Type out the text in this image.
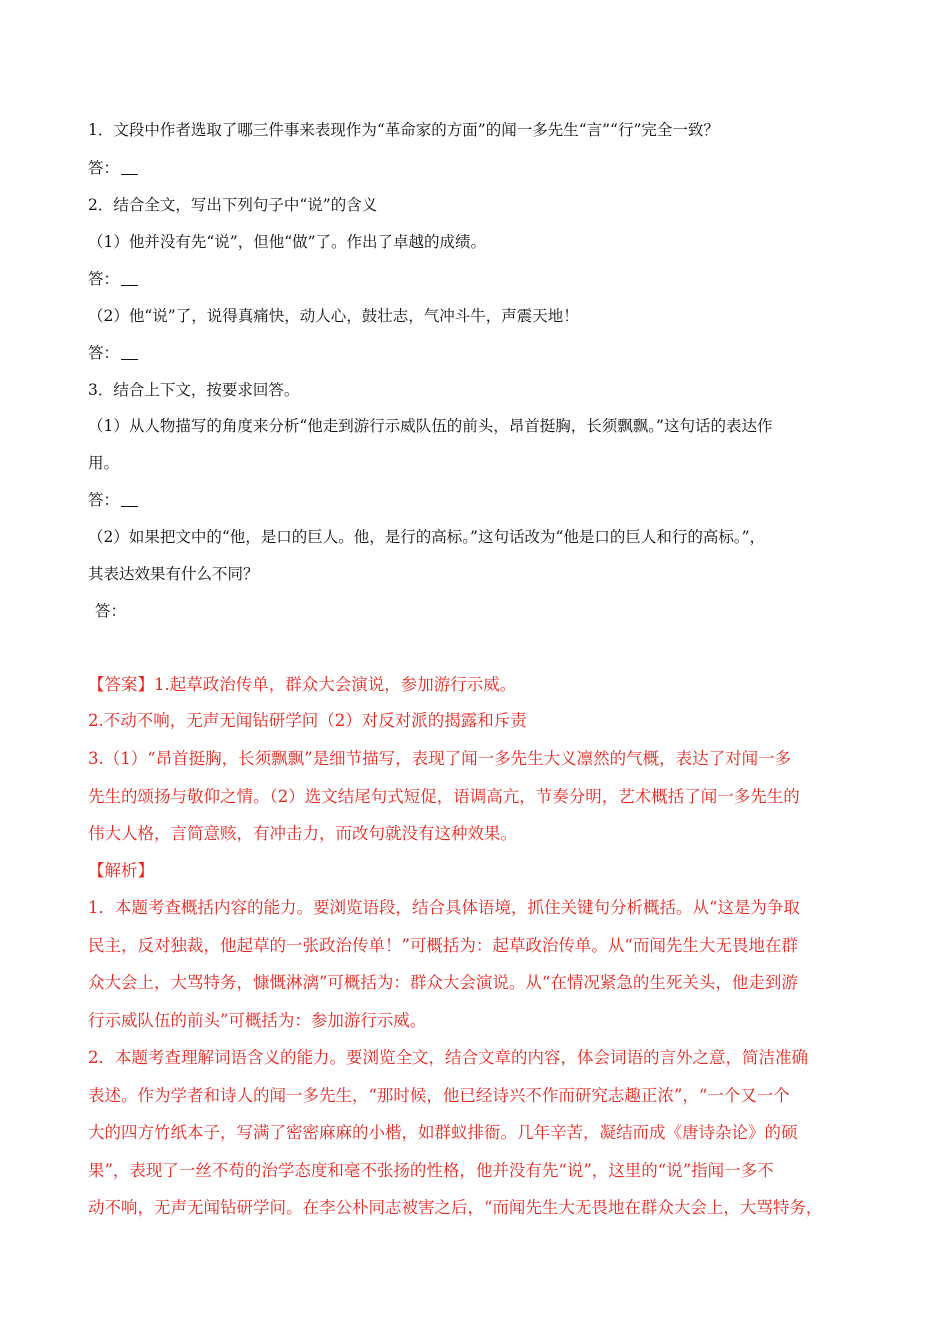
1．文段中作者选取了哪三件事来表现作为“革命家的方面”的闻一多先生“言”“行”完全一致？
答：
2．结合全文，写出下列句子中“说”的含义
（1）他并没有先“说”，但他“做”了。作出了卓越的成绩。
答：
（2）他“说”了，说得真痛快，动人心，鼓壮志，气冲斗牛，声震天地！
答：
3．结合上下文，按要求回答。
（1）从人物描写的角度来分析“他走到游行示威队伍的前头，昂首挺胸，长须飘飘。”这句话的表达作
用。
答：
（2）如果把文中的“他，是口的巨人。他，是行的高标。”这句话改为“他是口的巨人和行的高标。”，
其表达效果有什么不同？
答：
【答案】1.起草政治传单，群众大会演说，参加游行示威。
2.不动不响，无声无闻钻研学问（2）对反对派的揭露和斥责
3.（1）“昂首挺胸，长须飘飘”是细节描写，表现了闻一多先生大义凛然的气概，表达了对闻一多
先生的颂扬与敬仰之情。（2）选文结尾句式短促，语调高亢，节奏分明，艺术概括了闻一多先生的
伟大人格，言简意赅，有冲击力，而改句就没有这种效果。
【解析】
1．本题考查概括内容的能力。要浏览语段，结合具体语境，抓住关键句分析概括。从“这是为争取
民主，反对独裁，他起草的一张政治传单！”可概括为：起草政治传单。从“而闻先生大无畏地在群
众大会上，大骂特务，慷慨淋漓”可概括为：群众大会演说。从“在情况紧急的生死关头，他走到游
行示威队伍的前头”可概括为：参加游行示威。
2．本题考查理解词语含义的能力。要浏览全文，结合文章的内容，体会词语的言外之意，简洁准确
表述。作为学者和诗人的闻一多先生，“那时候，他已经诗兴不作而研究志趣正浓”，“一个又一个
大的四方竹纸本子，写满了密密麻麻的小楷，如群蚁排衙。几年辛苦，凝结而成《唐诗杂论》的硕
果”，表现了一丝不苟的治学态度和毫不张扬的性格，他并没有先“说”，这里的“说”指闻一多不
动不响，无声无闻钻研学问。在李公朴同志被害之后，“而闻先生大无畏地在群众大会上，大骂特务，
